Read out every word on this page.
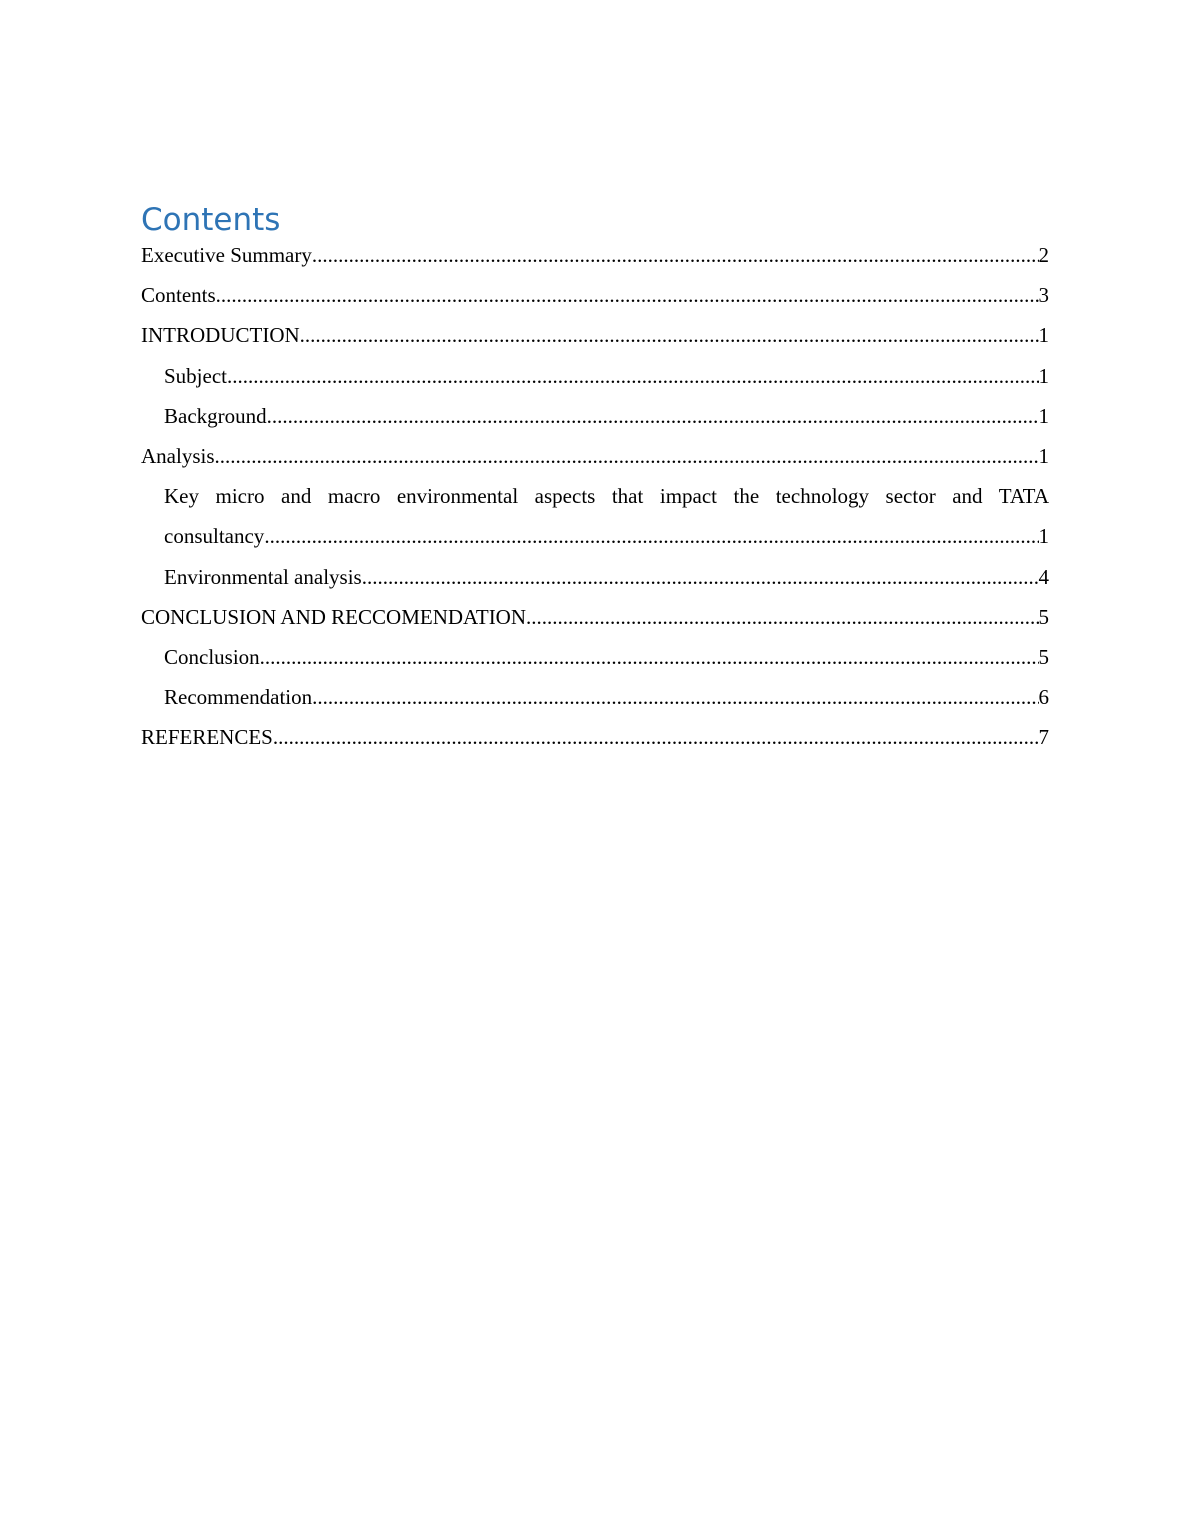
Contents
Executive Summary .....	2
Contents .....	3
INTRODUCTION .....	1
Subject .....	1
Background .....	1
Analysis .....	1
Key micro and macro environmental aspects that impact the technology sector and TATA
consultancy .....	1
Environmental analysis .....	4
CONCLUSION AND RECCOMENDATION .....	5
Conclusion .....	5
Recommendation .....	6
REFERENCES .....	7
